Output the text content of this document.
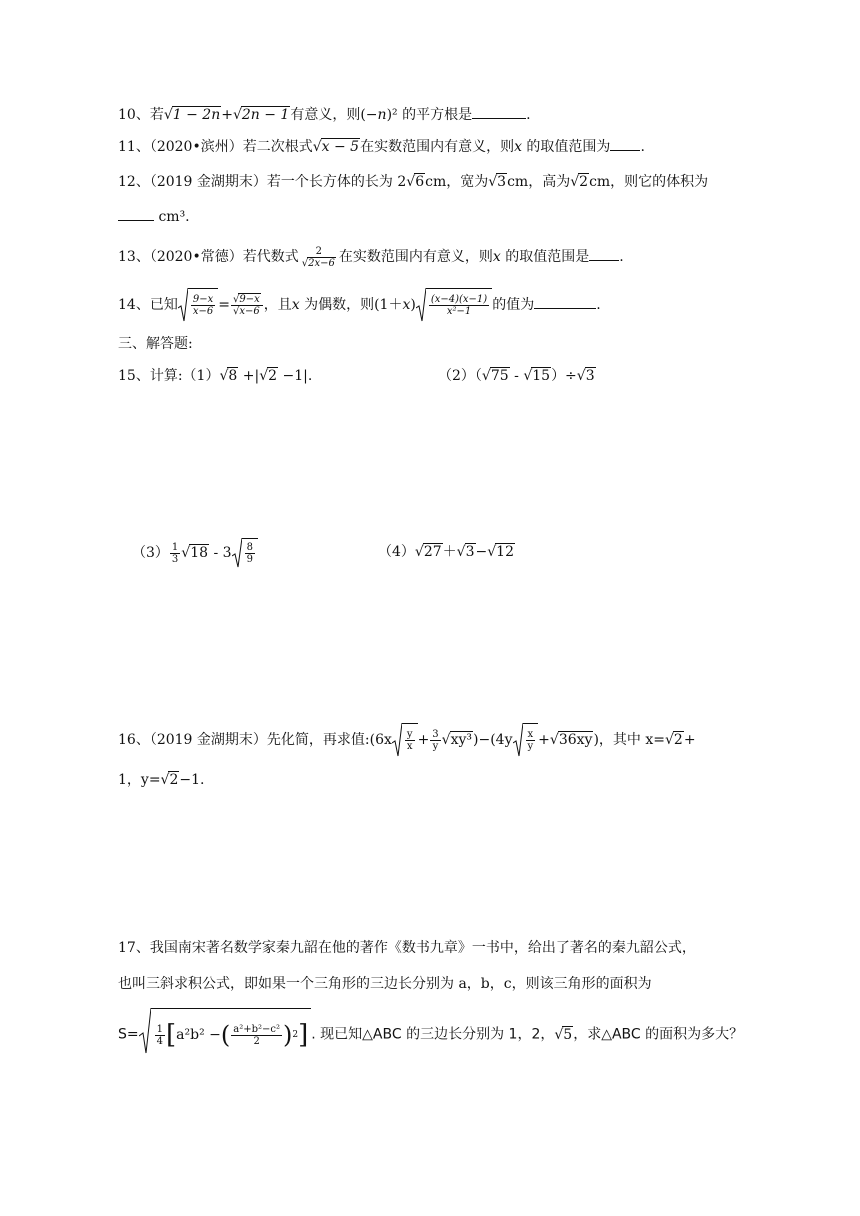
10、若√1 − 2n+√2n − 1有意义，则(−n)² 的平方根是	.
11、（2020•滨州）若二次根式√x − 5在实数范围内有意义，则x 的取值范围为 .
12、（2019 金湖期末）若一个长方体的长为 2√6cm，宽为√3cm，高为√2cm，则它的体积为
cm³.
13、（2020•常德）若代数式 $\frac{2}{√2x-6}$ 在实数范围内有意义，则x 的取值范围是 .
14、已知 $\frac{9-x}{x-6} = \frac{√9-x}{√x-6}$ ，且x 为偶数，则$(1+x) \frac{(x-4)(x-1)}{\text{x²−1}}$ 的值为	.
三、解答题:
15、计算:（1）√8 +|√2 −1|.	（2）（√75 - √15）÷√3
$(3) \frac{1}{3} √18 - 3 \frac{8}{9}$	（4）√27＋√3−√12
16、（2019 金湖期末）先化简，再求值:(6x $\frac{y}{x} + \frac{3}{y} √xy^3)-(4y \frac{x}{y} +√36xy)$，其中 x=√2+
1，y=√2−1.
17、我国南宋著名数学家秦九韶在他的著作《数书九章》一书中，给出了著名的秦九韶公式，
也叫三斜求积公式，即如果一个三角形的三边长分别为 a，b，c，则该三角形的面积为
$S= \frac{1}{4}$ [ a²b² − ( $\frac{\text{a²+b²−c²}}{2}$ ) 2 ] . 现已知△ABC 的三边长分别为 1，2，√5，求△ABC 的面积为多大？
